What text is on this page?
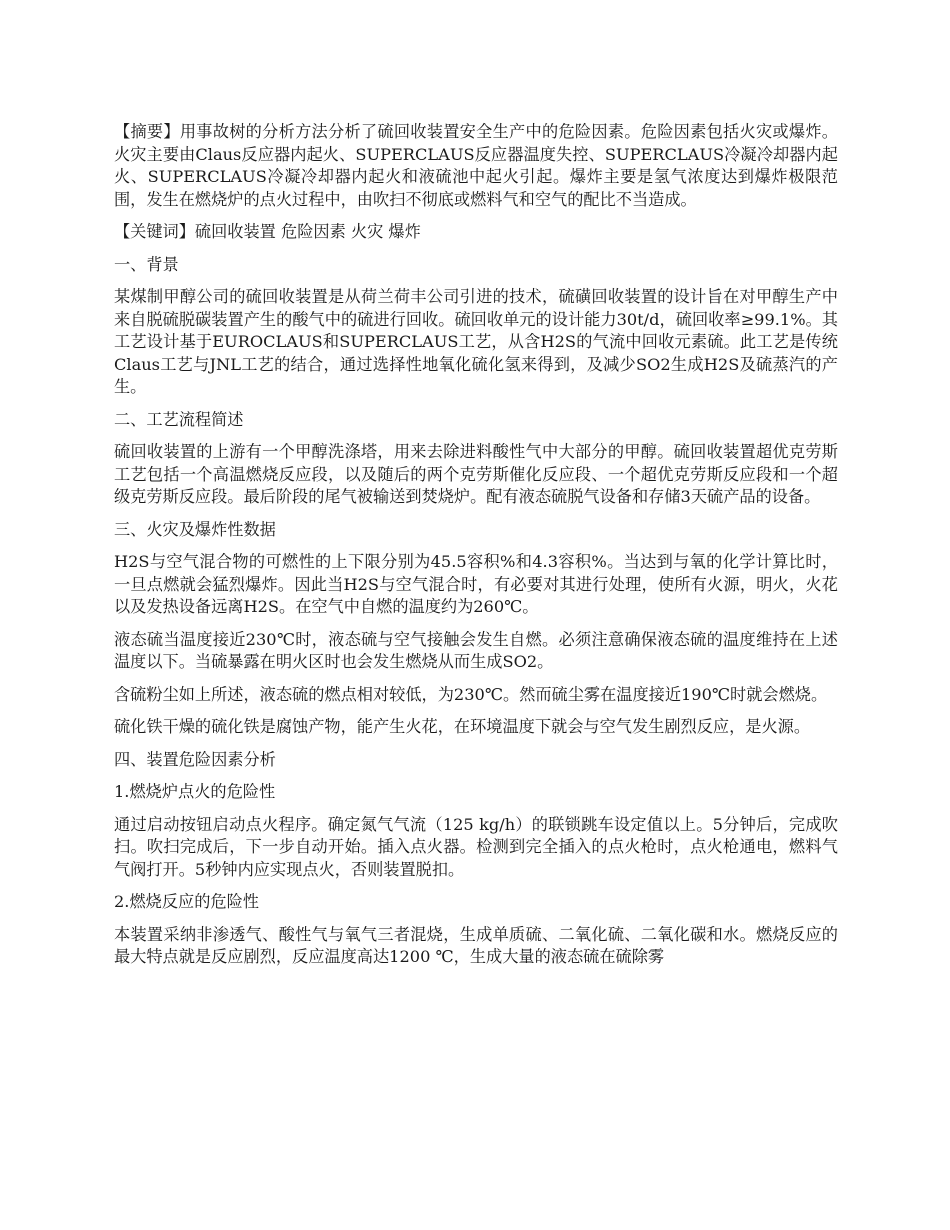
【摘要】用事故树的分析方法分析了硫回收装置安全生产中的危险因素。危险因素包括火灾或爆炸。火灾主要由Claus反应器内起火、SUPERCLAUS反应器温度失控、SUPERCLAUS冷凝冷却器内起火、SUPERCLAUS冷凝冷却器内起火和液硫池中起火引起。爆炸主要是氢气浓度达到爆炸极限范围，发生在燃烧炉的点火过程中，由吹扫不彻底或燃料气和空气的配比不当造成。

【关键词】硫回收装置 危险因素 火灾 爆炸

一、背景

某煤制甲醇公司的硫回收装置是从荷兰荷丰公司引进的技术，硫磺回收装置的设计旨在对甲醇生产中来自脱硫脱碳装置产生的酸气中的硫进行回收。硫回收单元的设计能力30t/d，硫回收率≥99.1%。其工艺设计基于EUROCLAUS和SUPERCLAUS工艺，从含H2S的气流中回收元素硫。此工艺是传统Claus工艺与JNL工艺的结合，通过选择性地氧化硫化氢来得到，及减少SO2生成H2S及硫蒸汽的产生。

二、工艺流程简述

硫回收装置的上游有一个甲醇洗涤塔，用来去除进料酸性气中大部分的甲醇。硫回收装置超优克劳斯工艺包括一个高温燃烧反应段，以及随后的两个克劳斯催化反应段、一个超优克劳斯反应段和一个超级克劳斯反应段。最后阶段的尾气被输送到焚烧炉。配有液态硫脱气设备和存储3天硫产品的设备。

三、火灾及爆炸性数据

H2S与空气混合物的可燃性的上下限分别为45.5容积%和4.3容积%。当达到与氧的化学计算比时，一旦点燃就会猛烈爆炸。因此当H2S与空气混合时，有必要对其进行处理，使所有火源，明火，火花以及发热设备远离H2S。在空气中自燃的温度约为260℃。

液态硫当温度接近230℃时，液态硫与空气接触会发生自燃。必须注意确保液态硫的温度维持在上述温度以下。当硫暴露在明火区时也会发生燃烧从而生成SO2。

含硫粉尘如上所述，液态硫的燃点相对较低，为230℃。然而硫尘雾在温度接近190℃时就会燃烧。

硫化铁干燥的硫化铁是腐蚀产物，能产生火花，在环境温度下就会与空气发生剧烈反应，是火源。

四、装置危险因素分析

1.燃烧炉点火的危险性

通过启动按钮启动点火程序。确定氮气气流（125 kg/h）的联锁跳车设定值以上。5分钟后，完成吹扫。吹扫完成后，下一步自动开始。插入点火器。检测到完全插入的点火枪时，点火枪通电，燃料气气阀打开。5秒钟内应实现点火，否则装置脱扣。

2.燃烧反应的危险性

本装置采纳非渗透气、酸性气与氧气三者混烧，生成单质硫、二氧化硫、二氧化碳和水。燃烧反应的最大特点就是反应剧烈，反应温度高达1200 ℃，生成大量的液态硫在硫除雾
